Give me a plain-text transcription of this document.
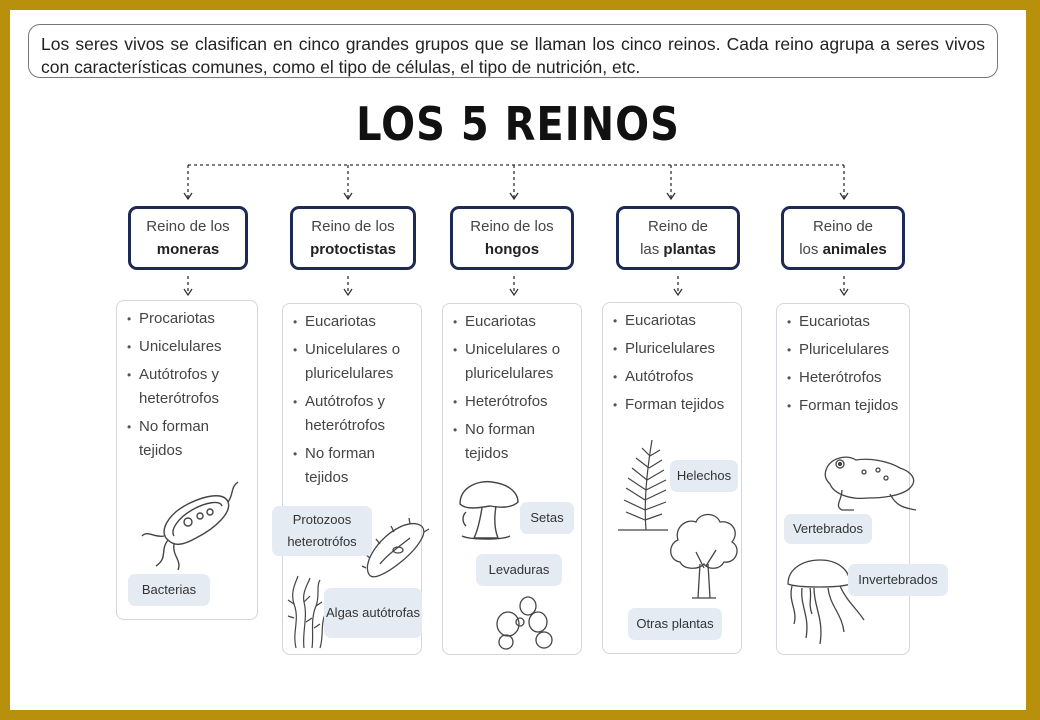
Los seres vivos se clasifican en cinco grandes grupos que se llaman los cinco reinos. Cada reino agrupa a seres vivos con características comunes, como el tipo de células, el tipo de nutrición, etc.
LOS 5 REINOS
Reino de los
moneras
Reino de los
protoctistas
Reino de los
hongos
Reino de
las plantas
Reino de
los animales
• Procariotas
• Unicelulares
• Autótrofos y heterótrofos
• No forman tejidos
Bacterias
• Eucariotas
• Unicelulares o pluricelulares
• Autótrofos y heterótrofos
• No forman tejidos
Protozoos heterotrófos
Algas autótrofas
• Eucariotas
• Unicelulares o pluricelulares
• Heterótrofos
• No forman tejidos
Setas
Levaduras
• Eucariotas
• Pluricelulares
• Autótrofos
• Forman tejidos
Helechos
Otras plantas
• Eucariotas
• Pluricelulares
• Heterótrofos
• Forman tejidos
Vertebrados
Invertebrados
